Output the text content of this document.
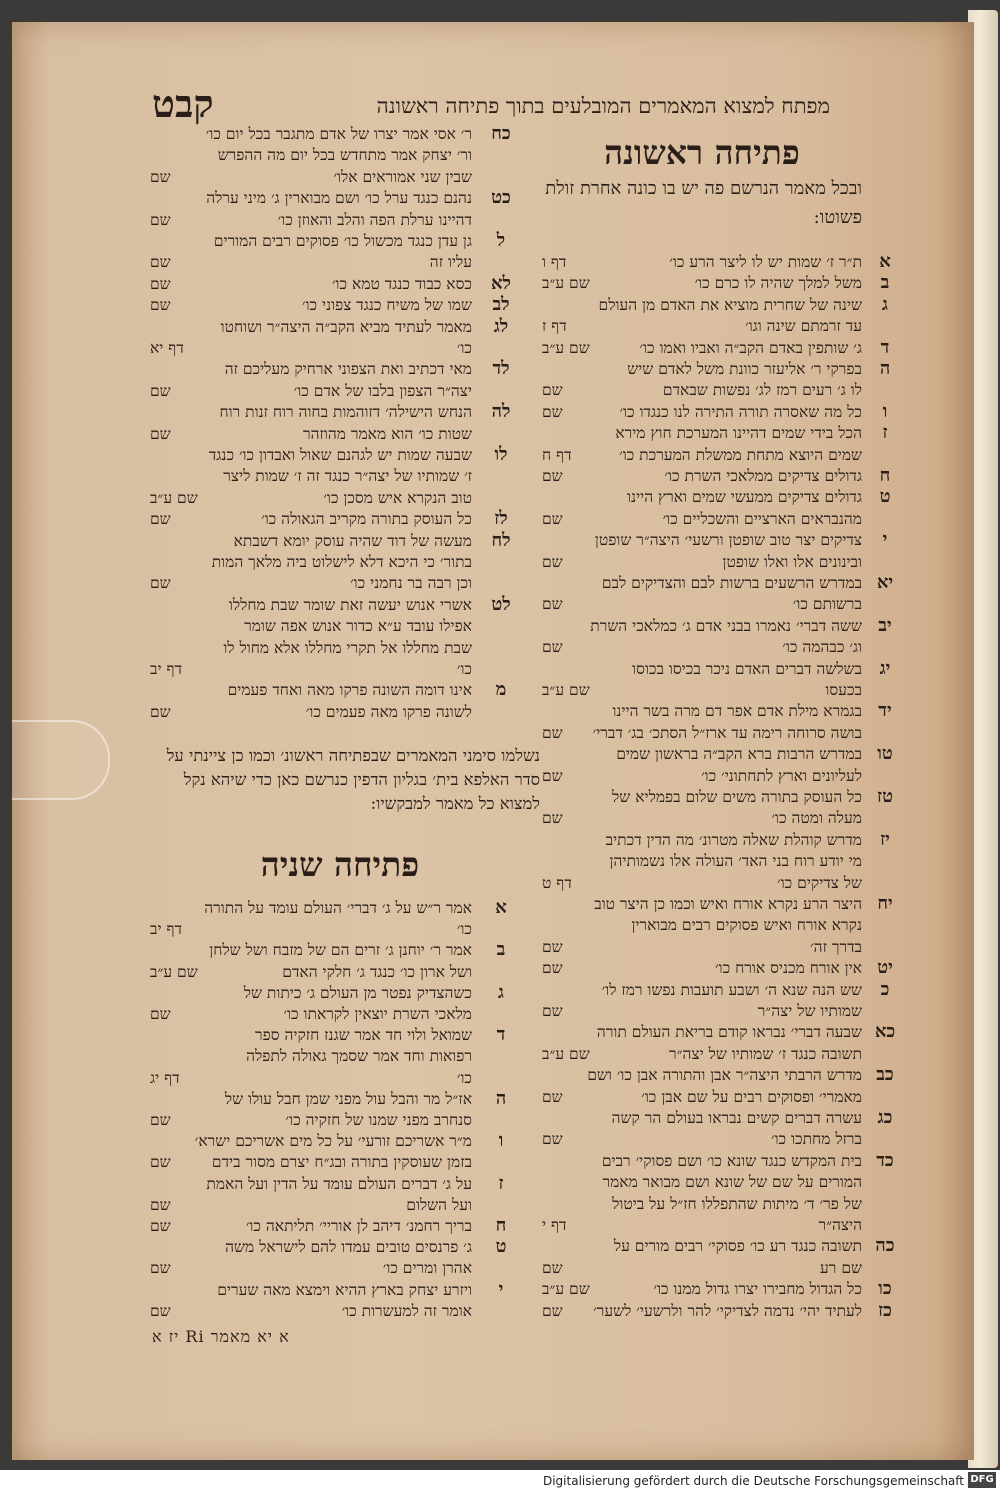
מפתח למצוא המאמרים המובלעים בתוך פתיחה ראשונה
קבט
פתיחה ראשונה
ובכל מאמר הנרשם פה יש בו כונה אחרת זולת פשוטו:
א
ת״ר ז׳ שמות יש לו ליצר הרע כו׳
דף ו
ב
משל למלך שהיה לו כרם כו׳
שם ע״ב
ג
שינה של שחרית מוציא את האדם מן העולם
עד זרמתם שינה וגו׳
דף ז
ד
ג׳ שותפין באדם הקב״ה ואביו ואמו כו׳
שם ע״ב
ה
בפרקי ר׳ אליעזר כוונת משל לאדם שיש
לו ג׳ רעים רמז לג׳ נפשות שבאדם
שם
ו
כל מה שאסרה תורה התירה לנו כנגדו כו׳
שם
ז
הכל בידי שמים דהיינו המערכת חוץ מירא
שמים היוצא מתחת ממשלת המערכת כו׳
דף ח
ח
גדולים צדיקים ממלאכי השרת כו׳
שם
ט
גדולים צדיקים ממעשי שמים וארץ היינו
מהנבראים הארציים והשכליים כו׳
שם
י
צדיקים יצר טוב שופטן ורשעי׳ היצה״ר שופטן
ובינונים אלו ואלו שופטן
שם
יא
במדרש הרשעים ברשות לבם והצדיקים לבם
ברשותם כו׳
שם
יב
ששה דברי׳ נאמרו בבני אדם ג׳ כמלאכי השרת
וג׳ כבהמה כו׳
שם
יג
בשלשה דברים האדם ניכר בכיסו בכוסו
בכעסו
שם ע״ב
יד
בגמרא מילת אדם אפר דם מרה בשר היינו
בושה סרוחה רימה עד ארז״ל הסתכ׳ בג׳ דברי׳
שם
טו
במדרש הרבות ברא הקב״ה בראשון שמים
לעליונים וארץ לתחתוני׳ כו׳
שם
טז
כל העוסק בתורה משים שלום בפמליא של
מעלה ומטה כו׳
שם
יז
מדרש קוהלת שאלה מטרונ׳ מה הדין דכתיב
מי יודע רוח בני האד׳ העולה אלו נשמותיהן
של צדיקים כו׳
דף ט
יח
היצר הרע נקרא אורח ואיש וכמו כן היצר טוב
נקרא אורח ואיש פסוקים רבים מבוארין
בדרך זה׳
שם
יט
אין אורח מכניס אורח כו׳
שם
כ
שש הנה שנא ה׳ ושבע תועבות נפשו רמז לו׳
שמותיו של יצה״ר
שם
כא
שבעה דברי׳ נבראו קודם בריאת העולם תורה
תשובה כנגד ז׳ שמותיו של יצה״ר
שם ע״ב
כב
מדרש הרבתי היצה״ר אבן והתורה אבן כו׳ ושם
מאמרי׳ ופסוקים רבים על שם אבן כו׳
שם
כג
עשרה דברים קשים נבראו בעולם הר קשה
ברזל מחתכו כו׳
שם
כד
בית המקדש כנגד שונא כו׳ ושם פסוקי׳ רבים
המורים על שם של שונא ושם מבואר מאמר
של פר׳ ד׳ מיתות שהתפללו חז״ל על ביטול
היצה״ר
דף י
כה
תשובה כנגד רע כו׳ פסוקי׳ רבים מורים על
שם רע
שם
כו
כל הגדול מחבירו יצרו גדול ממנו כו׳
שם ע״ב
כז
לעתיד יהי׳ נדמה לצדיקי׳ להר ולרשעי׳ לשער׳
שם
כח
ר׳ אסי אמר יצרו של אדם מתגבר בכל יום כו׳
ור׳ יצחק אמר מתחדש בכל יום מה ההפרש
שבין שני אמוראים אלו׳
שם
כט
נהנם כנגד ערל כו׳ ושם מבוארין ג׳ מיני ערלה
דהיינו ערלת הפה והלב והאוזן כו׳
שם
ל
גן עדן כנגד מכשול כו׳ פסוקים רבים המורים
עליו זה
שם
לא
כסא כבוד כנגד טמא כו׳
שם
לב
שמו של משיח כנגד צפוני כו׳
שם
לג
מאמר לעתיד מביא הקב״ה היצה״ר ושוחטו
כו׳
דף יא
לד
מאי דכתיב ואת הצפוני ארחיק מעליכם זה
יצה״ר הצפון בלבו של אדם כו׳
שם
לה
הנחש הישילה׳ דזוהמות בחוה רוח זנות רוח
שטות כו׳ הוא מאמר מהוזהר
שם
לו
שבעה שמות יש לגהנם שאול ואבדון כו׳ כנגד
ז׳ שמותיו של יצה״ר כנגד זה ז׳ שמות ליצר
טוב הנקרא איש מסכן כו׳
שם ע״ב
לז
כל העוסק בתורה מקריב הגאולה כו׳
שם
לח
מעשה של דוד שהיה עוסק יומא דשבתא
בתור׳ כי היכא דלא לישלוט ביה מלאך המות
וכן רבה בר נחמני כו׳
שם
לט
אשרי אנוש יעשה זאת שומר שבת מחללו
אפילו עובד ע״א כדור אנוש אפה שומר
שבת מחללו אל תקרי מחללו אלא מחול לו
כו׳
דף יב
מ
אינו דומה השונה פרקו מאה ואחד פעמים
לשונה פרקו מאה פעמים כו׳
שם
נשלמו סימני המאמרים שבפתיחה ראשונ׳ וכמו כן ציינתי על סדר האלפא בית׳ בגליון הדפין כנרשם כאן כדי שיהא נקל למצוא כל מאמר למבקשיו:
פתיחה שניה
יז א Ri א יא מאמר
Digitalisierung gefördert durch die Deutsche Forschungsgemeinschaft DFG
א
אמר ר״ש על ג׳ דברי׳ העולם עומד על התורה
כו׳
דף יב
ב
אמר ר׳ יוחנן ג׳ זרים הם של מזבח ושל שלחן
ושל ארון כו׳ כנגד ג׳ חלקי האדם
שם ע״ב
ג
כשהצדיק נפטר מן העולם ג׳ כיתות של
מלאכי השרת יוצאין לקראתו כו׳
שם
ד
שמואל ולוי חד אמר שגנז חזקיה ספר
רפואות וחד אמר שסמך גאולה לתפלה
כו׳
דף יג
ה
אז״ל מר והבל עול מפני שמן חבל עולו של
סנחרב מפני שמנו של חזקיה כו׳
שם
ו
מ״ר אשריכם זורעי׳ על כל מים אשריכם ישרא׳
בזמן שעוסקין בתורה ובג״ח יצרם מסור בידם
שם
ז
על ג׳ דברים העולם עומד על הדין ועל האמת
ועל השלום
שם
ח
בריך רחמנ׳ דיהב לן אוריי׳ תליתאה כו׳
שם
ט
ג׳ פרנסים טובים עמדו להם לישראל משה
אהרן ומרים כו׳
שם
י
ויזרע יצחק בארץ ההיא וימצא מאה שערים
אומר זה למעשרות כו׳
שם
